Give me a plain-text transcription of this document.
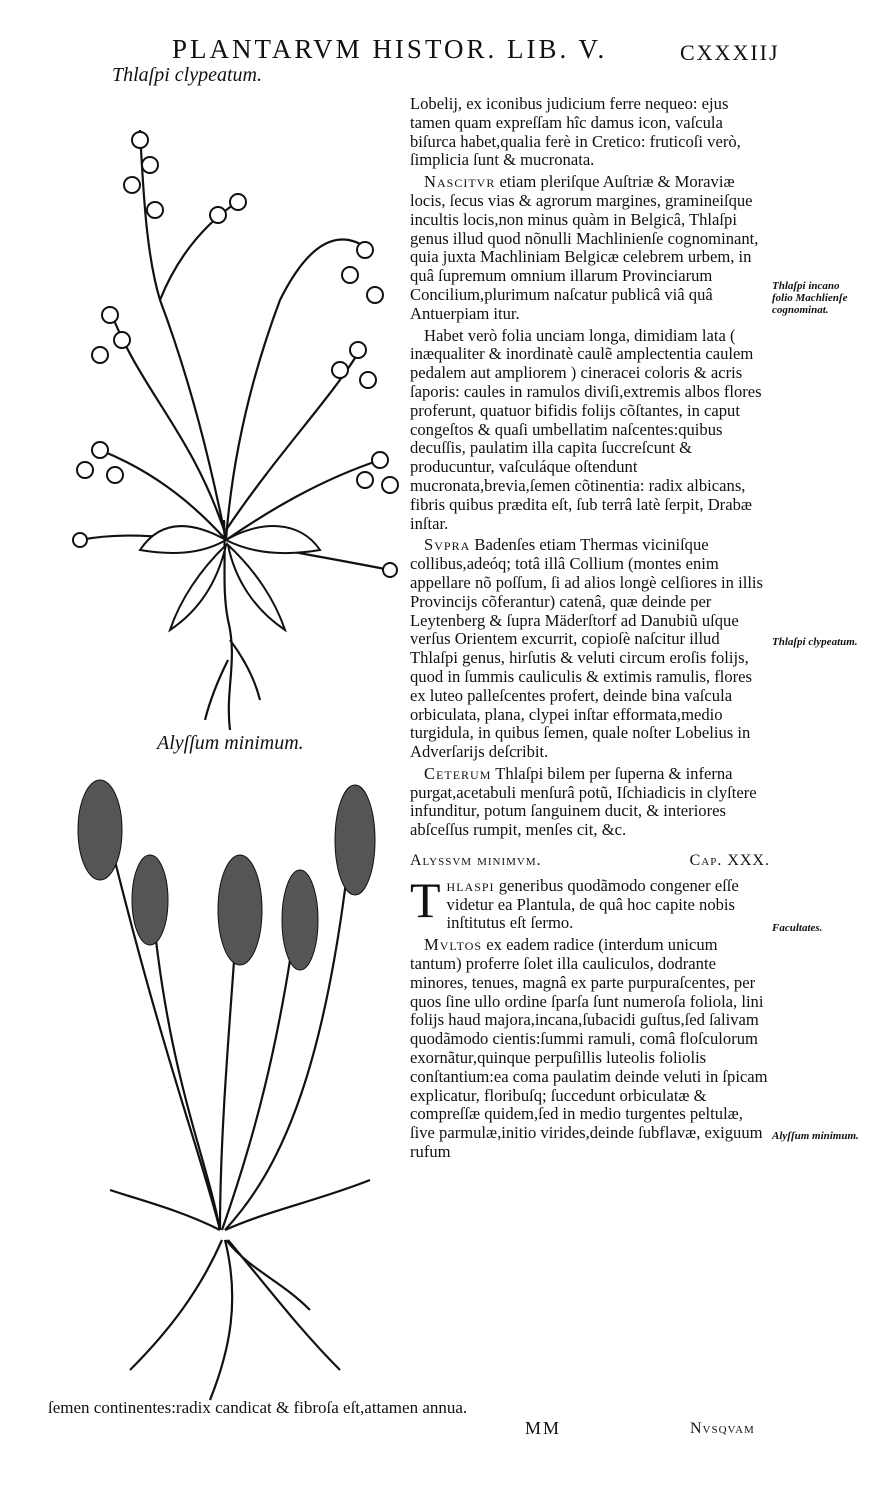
PLANTARVM HISTOR. LIB. V.	CXXXIIJ
Thlaſpi clypeatum.
Alyſſum minimum.

Lobelij, ex iconibus judicium ferre nequeo: ejus tamen quam expreſſam hîc damus icon, vaſcula biſurca habet,qualia ferè in Cretico: fruticoſi verò, ſimplicia ſunt & mucronata.

Nascitvr etiam pleriſque Auſtriæ & Moraviæ locis, ſecus vias & agrorum margines, gramineiſque incultis locis,non minus quàm in Belgicâ, Thlaſpi genus illud quod nõnulli Machlinienſe cognominant, quia juxta Machliniam Belgicæ celebrem urbem, in quâ ſupremum omnium illarum Provinciarum Concilium,plurimum naſcatur publicâ viâ quâ Antuerpiam itur.

Habet verò folia unciam longa, dimidiam lata ( inæqualiter & inordinatè caulẽ amplectentia caulem pedalem aut ampliorem ) cineracei coloris & acris ſaporis: caules in ramulos diviſi,extremis albos flores proferunt, quatuor bifidis folijs cõſtantes, in caput congeſtos & quaſi umbellatim naſcentes:quibus decuſſis, paulatim illa capita ſuccreſcunt & producuntur, vaſculáque oſtendunt mucronata,brevia,ſemen cõtinentia: radix albicans, fibris quibus prædita eſt, ſub terrâ latè ſerpit, Drabæ inſtar.

Svpra Badenſes etiam Thermas viciniſque collibus,adeóq; totâ illâ Collium (montes enim appellare nõ poſſum, ſi ad alios longè celſiores in illis Provincijs cõferantur) catenâ, quæ deinde per Leytenberg & ſupra Mäderſtorf ad Danubiũ uſque verſus Orientem excurrit, copioſè naſcitur illud Thlaſpi genus, hirſutis & veluti circum eroſis folijs, quod in ſummis cauliculis & extimis ramulis, flores ex luteo palleſcentes profert, deinde bina vaſcula orbiculata, plana, clypei inſtar efformata,medio turgidula, in quibus ſemen, quale noſter Lobelius in Adverſarijs deſcribit.

Ceterum Thlaſpi bilem per ſuperna & inferna purgat,acetabuli menſurâ potũ, Iſchiadicis in clyſtere infunditur, potum ſanguinem ducit, & interiores abſceſſus rumpit, menſes cit, &c.

Alyssvm minimvm.	Cap. XXX.

Thlaspi generibus quodãmodo congener eſſe videtur ea Plantula, de quâ hoc capite nobis inſtitutus eſt ſermo.

Mvltos ex eadem radice (interdum unicum tantum) proferre ſolet illa cauliculos, dodrante minores, tenues, magnâ ex parte purpuraſcentes, per quos ſine ullo ordine ſparſa ſunt numeroſa foliola, lini folijs haud majora,incana,ſubacidi guſtus,ſed ſalivam quodãmodo cientis:ſummi ramuli, comâ floſculorum exornãtur,quinque perpuſillis luteolis foliolis conſtantium:ea coma paulatim deinde veluti in ſpicam explicatur, floribuſq; ſuccedunt orbiculatæ & compreſſæ quidem,ſed in medio turgentes peltulæ, ſive parmulæ,initio virides,deinde ſubflavæ, exiguum rufum

Thlaſpi incano folio Machlienſe cognominat.
Thlaſpi clypeatum.
Facultates.
Alyſſum minimum.
ſemen continentes:radix candicat & fibroſa eſt,attamen annua.
MM	Nvsqvam
